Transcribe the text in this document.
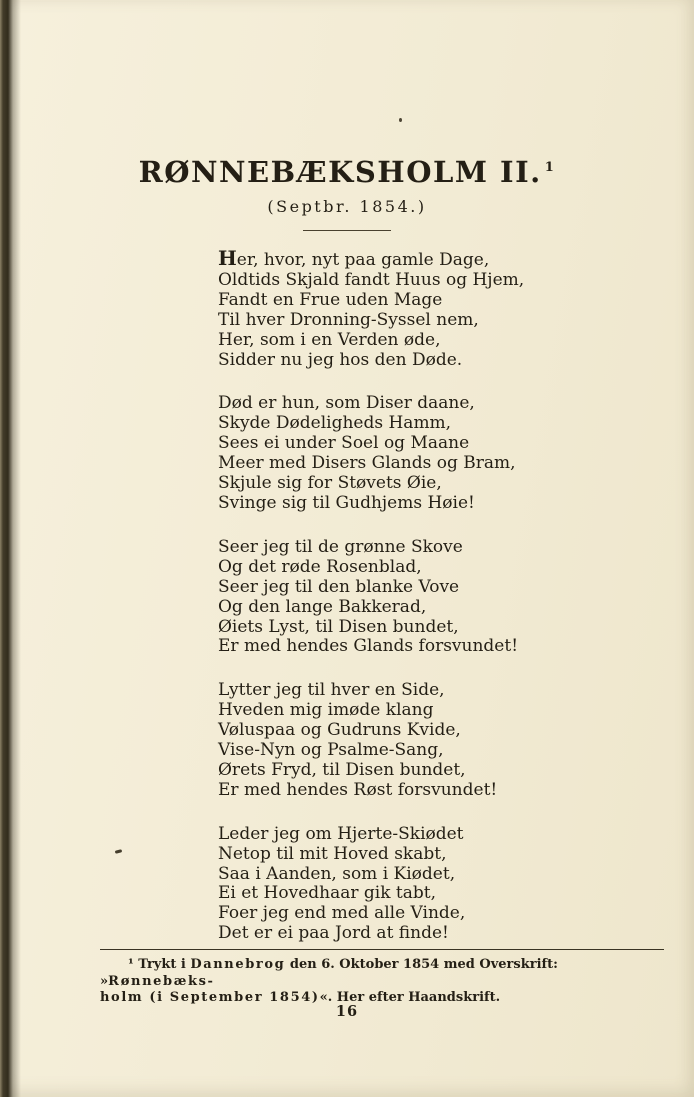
RØNNEBÆKSHOLM II. $^1$
(Septbr. 1854.)

Her, hvor, nyt paa gamle Dage,

Oldtids Skjald fandt Huus og Hjem,

Fandt en Frue uden Mage

Til hver Dronning-Syssel nem,

Her, som i en Verden øde,

Sidder nu jeg hos den Døde.

Død er hun, som Diser daane,

Skyde Dødeligheds Hamm,

Sees ei under Soel og Maane

Meer med Disers Glands og Bram,

Skjule sig for Støvets Øie,

Svinge sig til Gudhjems Høie!

Seer jeg til de grønne Skove

Og det røde Rosenblad,

Seer jeg til den blanke Vove

Og den lange Bakkerad,

Øiets Lyst, til Disen bundet,

Er med hendes Glands forsvundet!

Lytter jeg til hver en Side,

Hveden mig imøde klang

Vøluspaa og Gudruns Kvide,

Vise-Nyn og Psalme-Sang,

Ørets Fryd, til Disen bundet,

Er med hendes Røst forsvundet!

Leder jeg om Hjerte-Skiødet

Netop til mit Hoved skabt,

Saa i Aanden, som i Kiødet,

Ei et Hovedhaar gik tabt,

Foer jeg end med alle Vinde,

Det er ei paa Jord at finde!

¹ Trykt i Dannebrog den 6. Oktober 1854 med Overskrift: »Rønnebæks-

holm (i September 1854)«. Her efter Haandskrift.

16
